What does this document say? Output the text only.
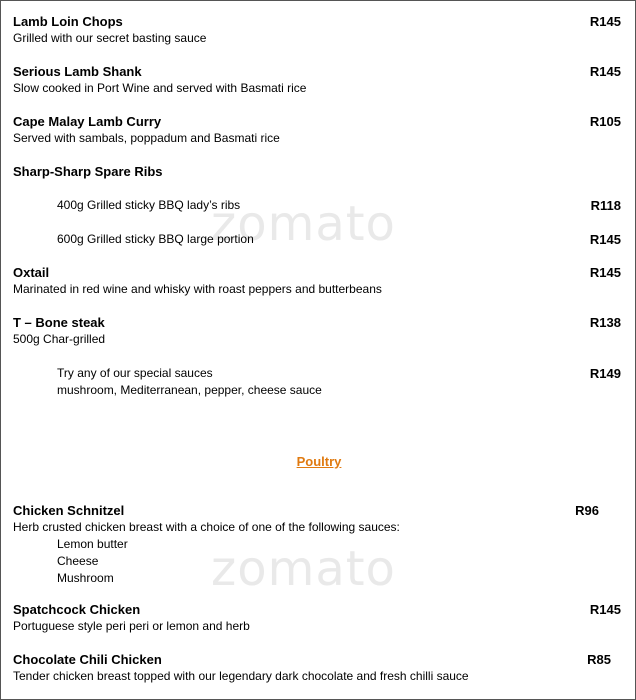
zomato
zomato
Lamb Loin Chops
Grilled with our secret basting sauce
R145
Serious Lamb Shank
Slow cooked in Port Wine and served with Basmati rice
R145
Cape Malay Lamb Curry
Served with sambals, poppadum and Basmati rice
R105
Sharp-Sharp Spare Ribs
400g Grilled sticky BBQ lady’s ribs	R118
600g Grilled sticky BBQ large portion	R145
Oxtail
Marinated in red wine and whisky with roast peppers and butterbeans
R145
T – Bone steak
500g Char-grilled
R138
Try any of our special sauces
mushroom, Mediterranean, pepper, cheese sauce
R149
Poultry
Chicken Schnitzel
Herb crusted chicken breast with a choice of one of the following sauces:
Lemon butter
Cheese
Mushroom
R96
Spatchcock Chicken
Portuguese style peri peri or lemon and herb
R145
Chocolate Chili Chicken
Tender chicken breast topped with our legendary dark chocolate and fresh chilli sauce
R85
